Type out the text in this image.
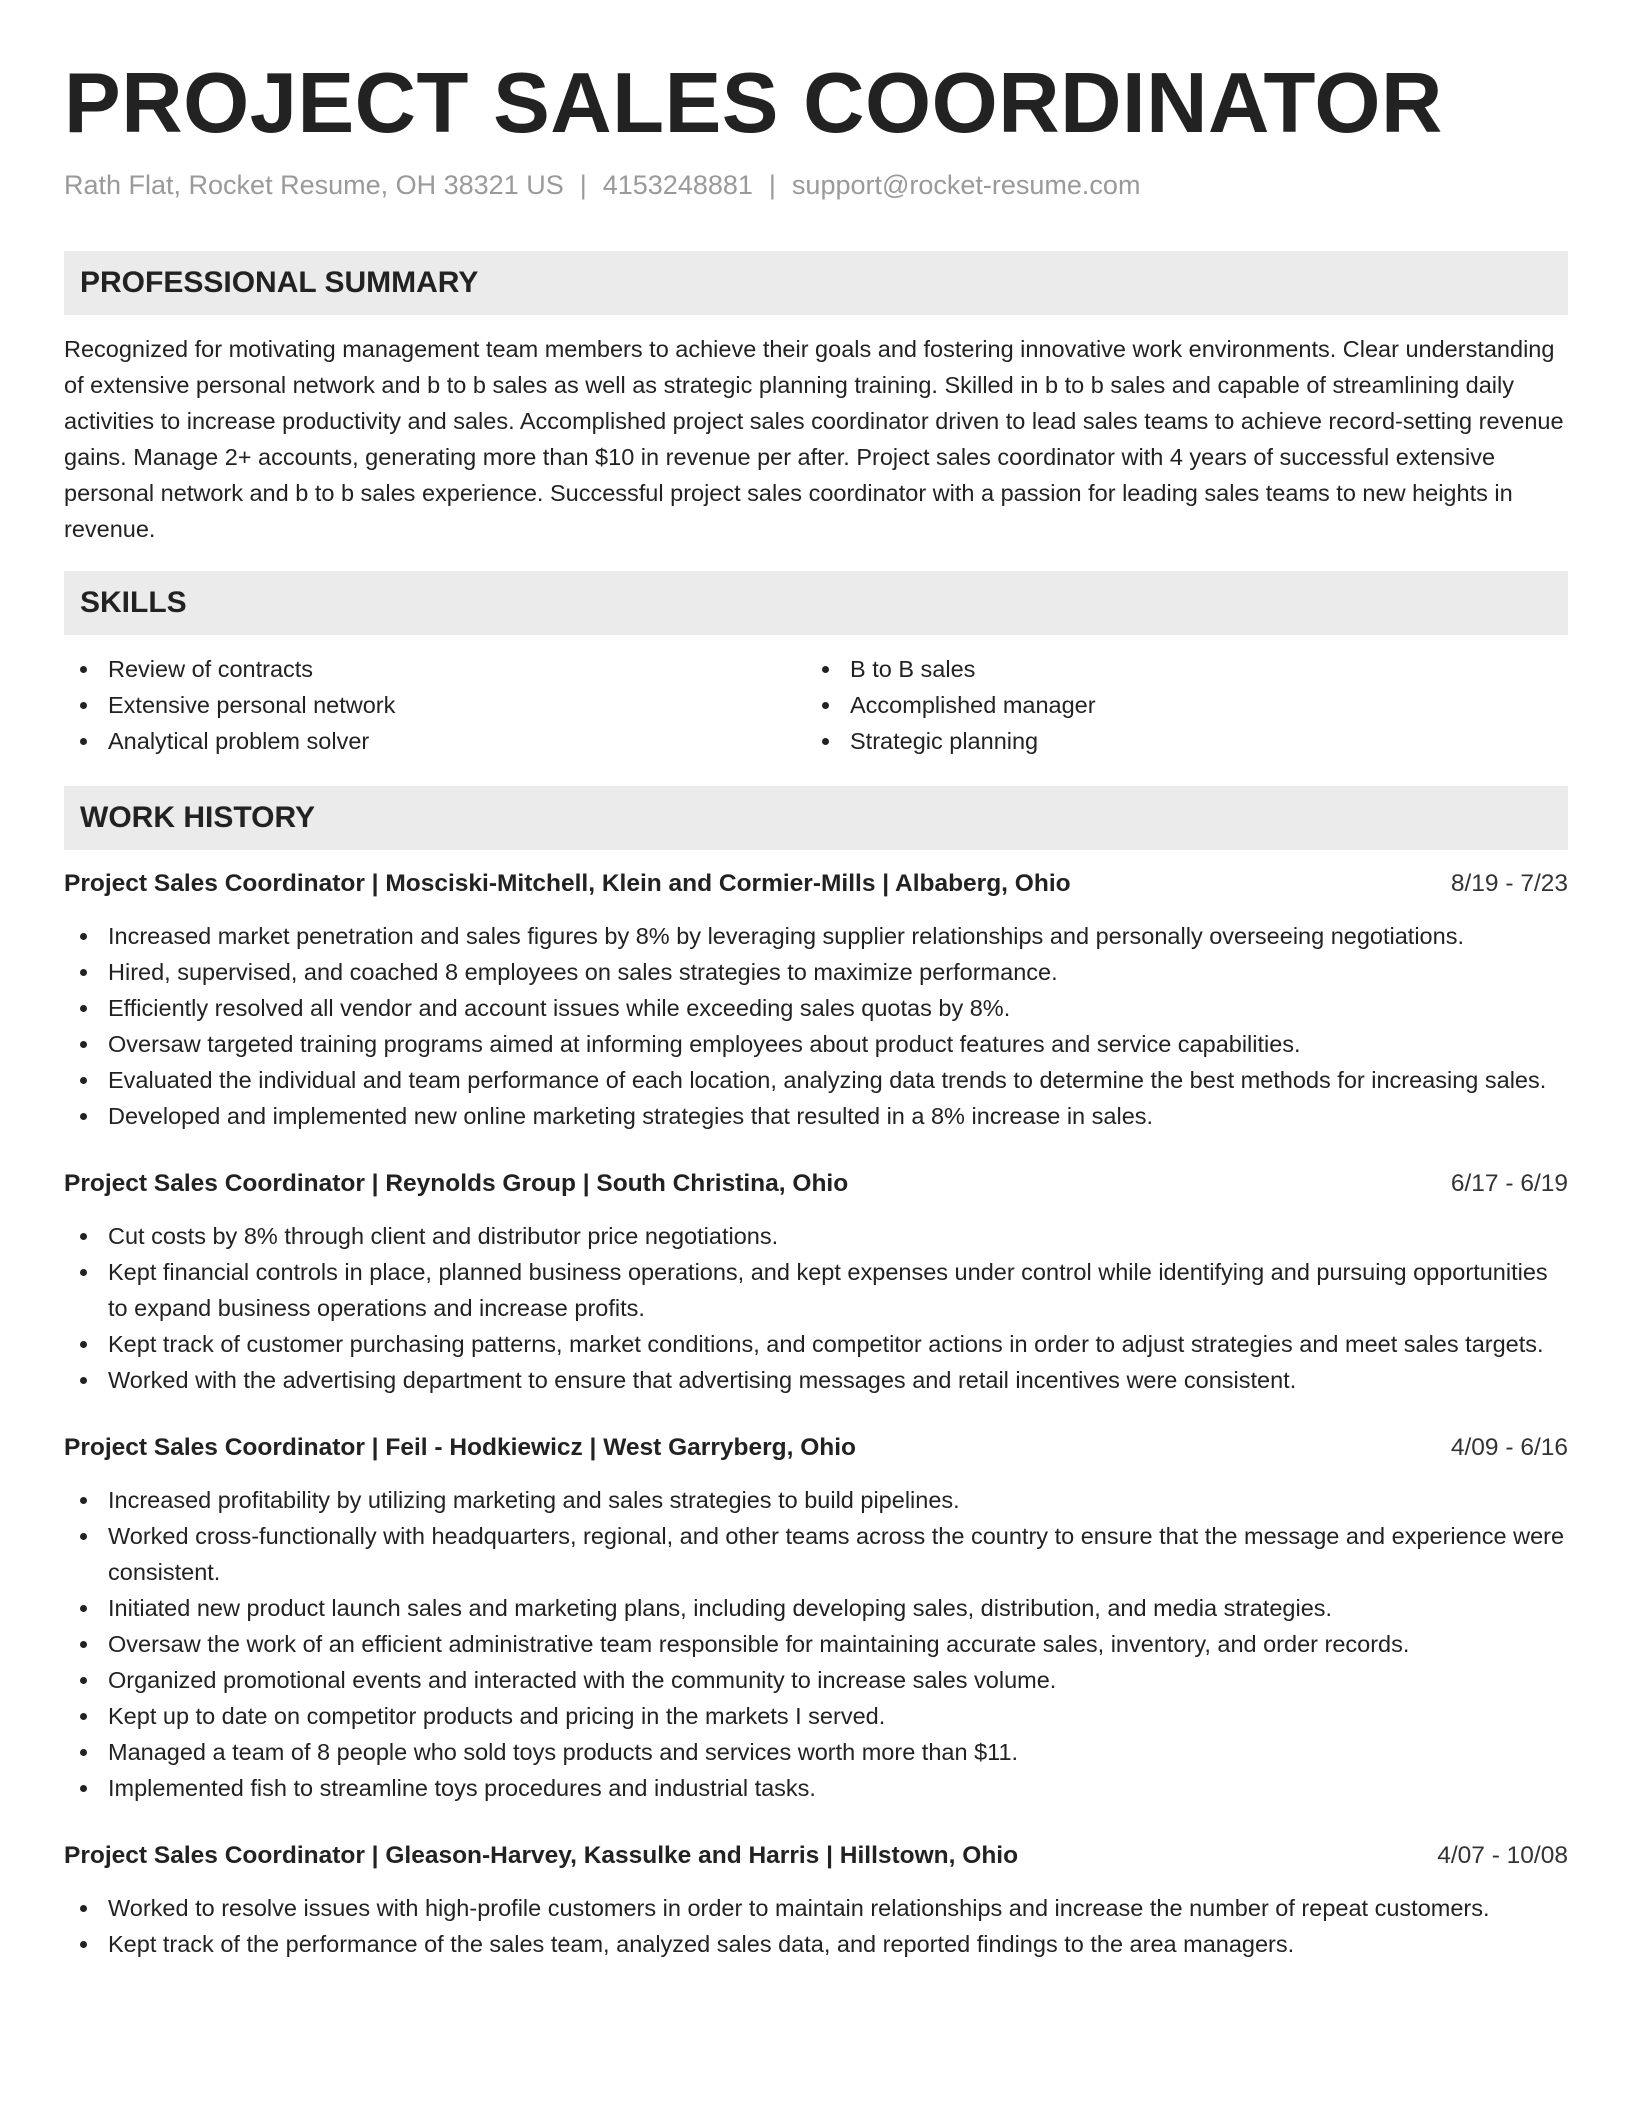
PROJECT SALES COORDINATOR
Rath Flat, Rocket Resume, OH 38321 US | 4153248881 | support@rocket-resume.com
PROFESSIONAL SUMMARY

Recognized for motivating management team members to achieve their goals and fostering innovative work environments. Clear understanding of extensive personal network and b to b sales as well as strategic planning training. Skilled in b to b sales and capable of streamlining daily activities to increase productivity and sales. Accomplished project sales coordinator driven to lead sales teams to achieve record-setting revenue gains. Manage 2+ accounts, generating more than $10 in revenue per after. Project sales coordinator with 4 years of successful extensive personal network and b to b sales experience. Successful project sales coordinator with a passion for leading sales teams to new heights in revenue.

SKILLS
Review of contracts
Extensive personal network
Analytical problem solver
B to B sales
Accomplished manager
Strategic planning
WORK HISTORY
Project Sales Coordinator | Mosciski-Mitchell, Klein and Cormier-Mills | Albaberg, Ohio	8/19 - 7/23
Increased market penetration and sales figures by 8% by leveraging supplier relationships and personally overseeing negotiations.
Hired, supervised, and coached 8 employees on sales strategies to maximize performance.
Efficiently resolved all vendor and account issues while exceeding sales quotas by 8%.
Oversaw targeted training programs aimed at informing employees about product features and service capabilities.
Evaluated the individual and team performance of each location, analyzing data trends to determine the best methods for increasing sales.
Developed and implemented new online marketing strategies that resulted in a 8% increase in sales.
Project Sales Coordinator | Reynolds Group | South Christina, Ohio	6/17 - 6/19
Cut costs by 8% through client and distributor price negotiations.
Kept financial controls in place, planned business operations, and kept expenses under control while identifying and pursuing opportunities to expand business operations and increase profits.
Kept track of customer purchasing patterns, market conditions, and competitor actions in order to adjust strategies and meet sales targets.
Worked with the advertising department to ensure that advertising messages and retail incentives were consistent.
Project Sales Coordinator | Feil - Hodkiewicz | West Garryberg, Ohio	4/09 - 6/16
Increased profitability by utilizing marketing and sales strategies to build pipelines.
Worked cross-functionally with headquarters, regional, and other teams across the country to ensure that the message and experience were consistent.
Initiated new product launch sales and marketing plans, including developing sales, distribution, and media strategies.
Oversaw the work of an efficient administrative team responsible for maintaining accurate sales, inventory, and order records.
Organized promotional events and interacted with the community to increase sales volume.
Kept up to date on competitor products and pricing in the markets I served.
Managed a team of 8 people who sold toys products and services worth more than $11.
Implemented fish to streamline toys procedures and industrial tasks.
Project Sales Coordinator | Gleason-Harvey, Kassulke and Harris | Hillstown, Ohio	4/07 - 10/08
Worked to resolve issues with high-profile customers in order to maintain relationships and increase the number of repeat customers.
Kept track of the performance of the sales team, analyzed sales data, and reported findings to the area managers.
